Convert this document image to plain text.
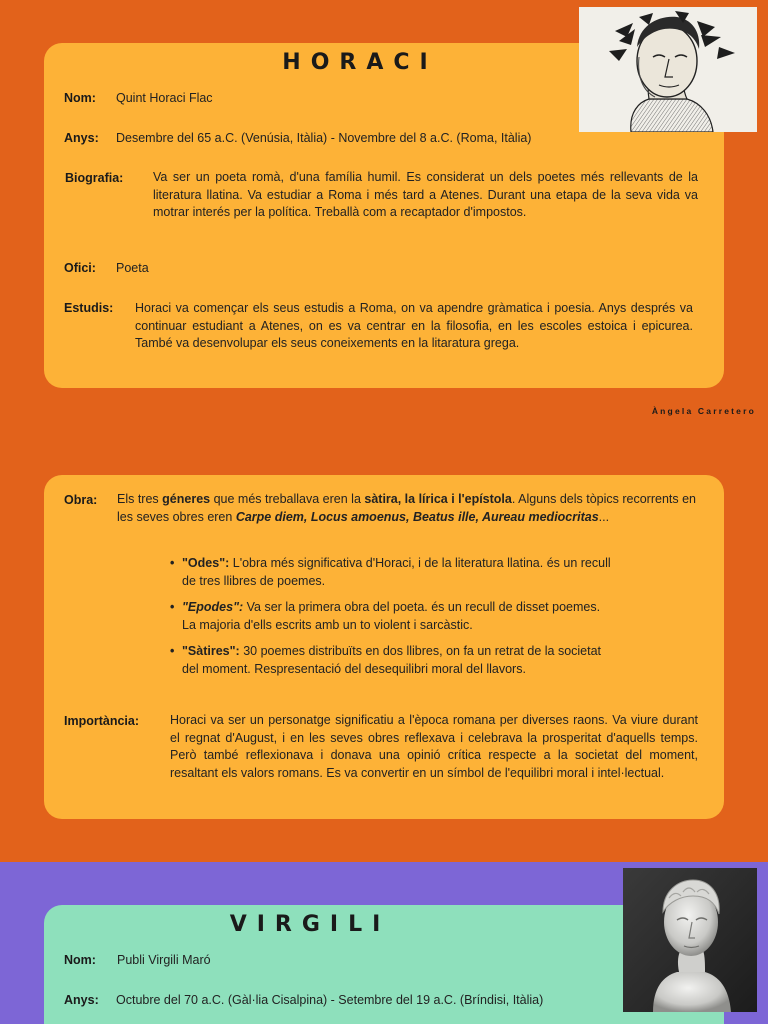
HORACI
Nom: Quint Horaci Flac
Anys: Desembre del 65 a.C. (Venúsia, Itàlia) - Novembre del 8 a.C. (Roma, Itàlia)
Biografia: Va ser un poeta romà, d'una família humil. Es considerat un dels poetes més rellevants de la literatura llatina. Va estudiar a Roma i més tard a Atenes. Durant una etapa de la seva vida va motrar interés per la política. Treballà com a recaptador d'impostos.
Ofici: Poeta
Estudis: Horaci va començar els seus estudis a Roma, on va apendre gràmatica i poesia. Anys després va continuar estudiant a Atenes, on es va centrar en la filosofia, en les escoles estoica i epicurea. També va desenvolupar els seus coneixements en la litaratura grega.
Àngela Carretero
Obra: Els tres géneres que més treballava eren la sàtira, la lírica i l'epístola. Alguns dels tòpics recorrents en les seves obres eren Carpe diem, Locus amoenus, Beatus ille, Aureau mediocritas...
• "Odes": L'obra més significativa d'Horaci, i de la literatura llatina. és un recull de tres llibres de poemes.
• "Epodes": Va ser la primera obra del poeta. és un recull de disset poemes. La majoria d'ells escrits amb un to violent i sarcàstic.
• "Sàtires": 30 poemes distribuïts en dos llibres, on fa un retrat de la societat del moment. Respresentació del desequilibri moral del llavors.
Importància: Horaci va ser un personatge significatiu a l'època romana per diverses raons. Va viure durant el regnat d'August, i en les seves obres reflexava i celebrava la prosperitat d'aquells temps. Però també reflexionava i donava una opinió crítica respecte a la societat del moment, resaltant els valors romans. Es va convertir en un símbol de l'equilibri moral i intel·lectual.
VIRGILI
Nom: Publi Virgili Maró
Anys: Octubre del 70 a.C. (Gàl·lia Cisalpina) - Setembre del 19 a.C. (Bríndisi, Itàlia)
